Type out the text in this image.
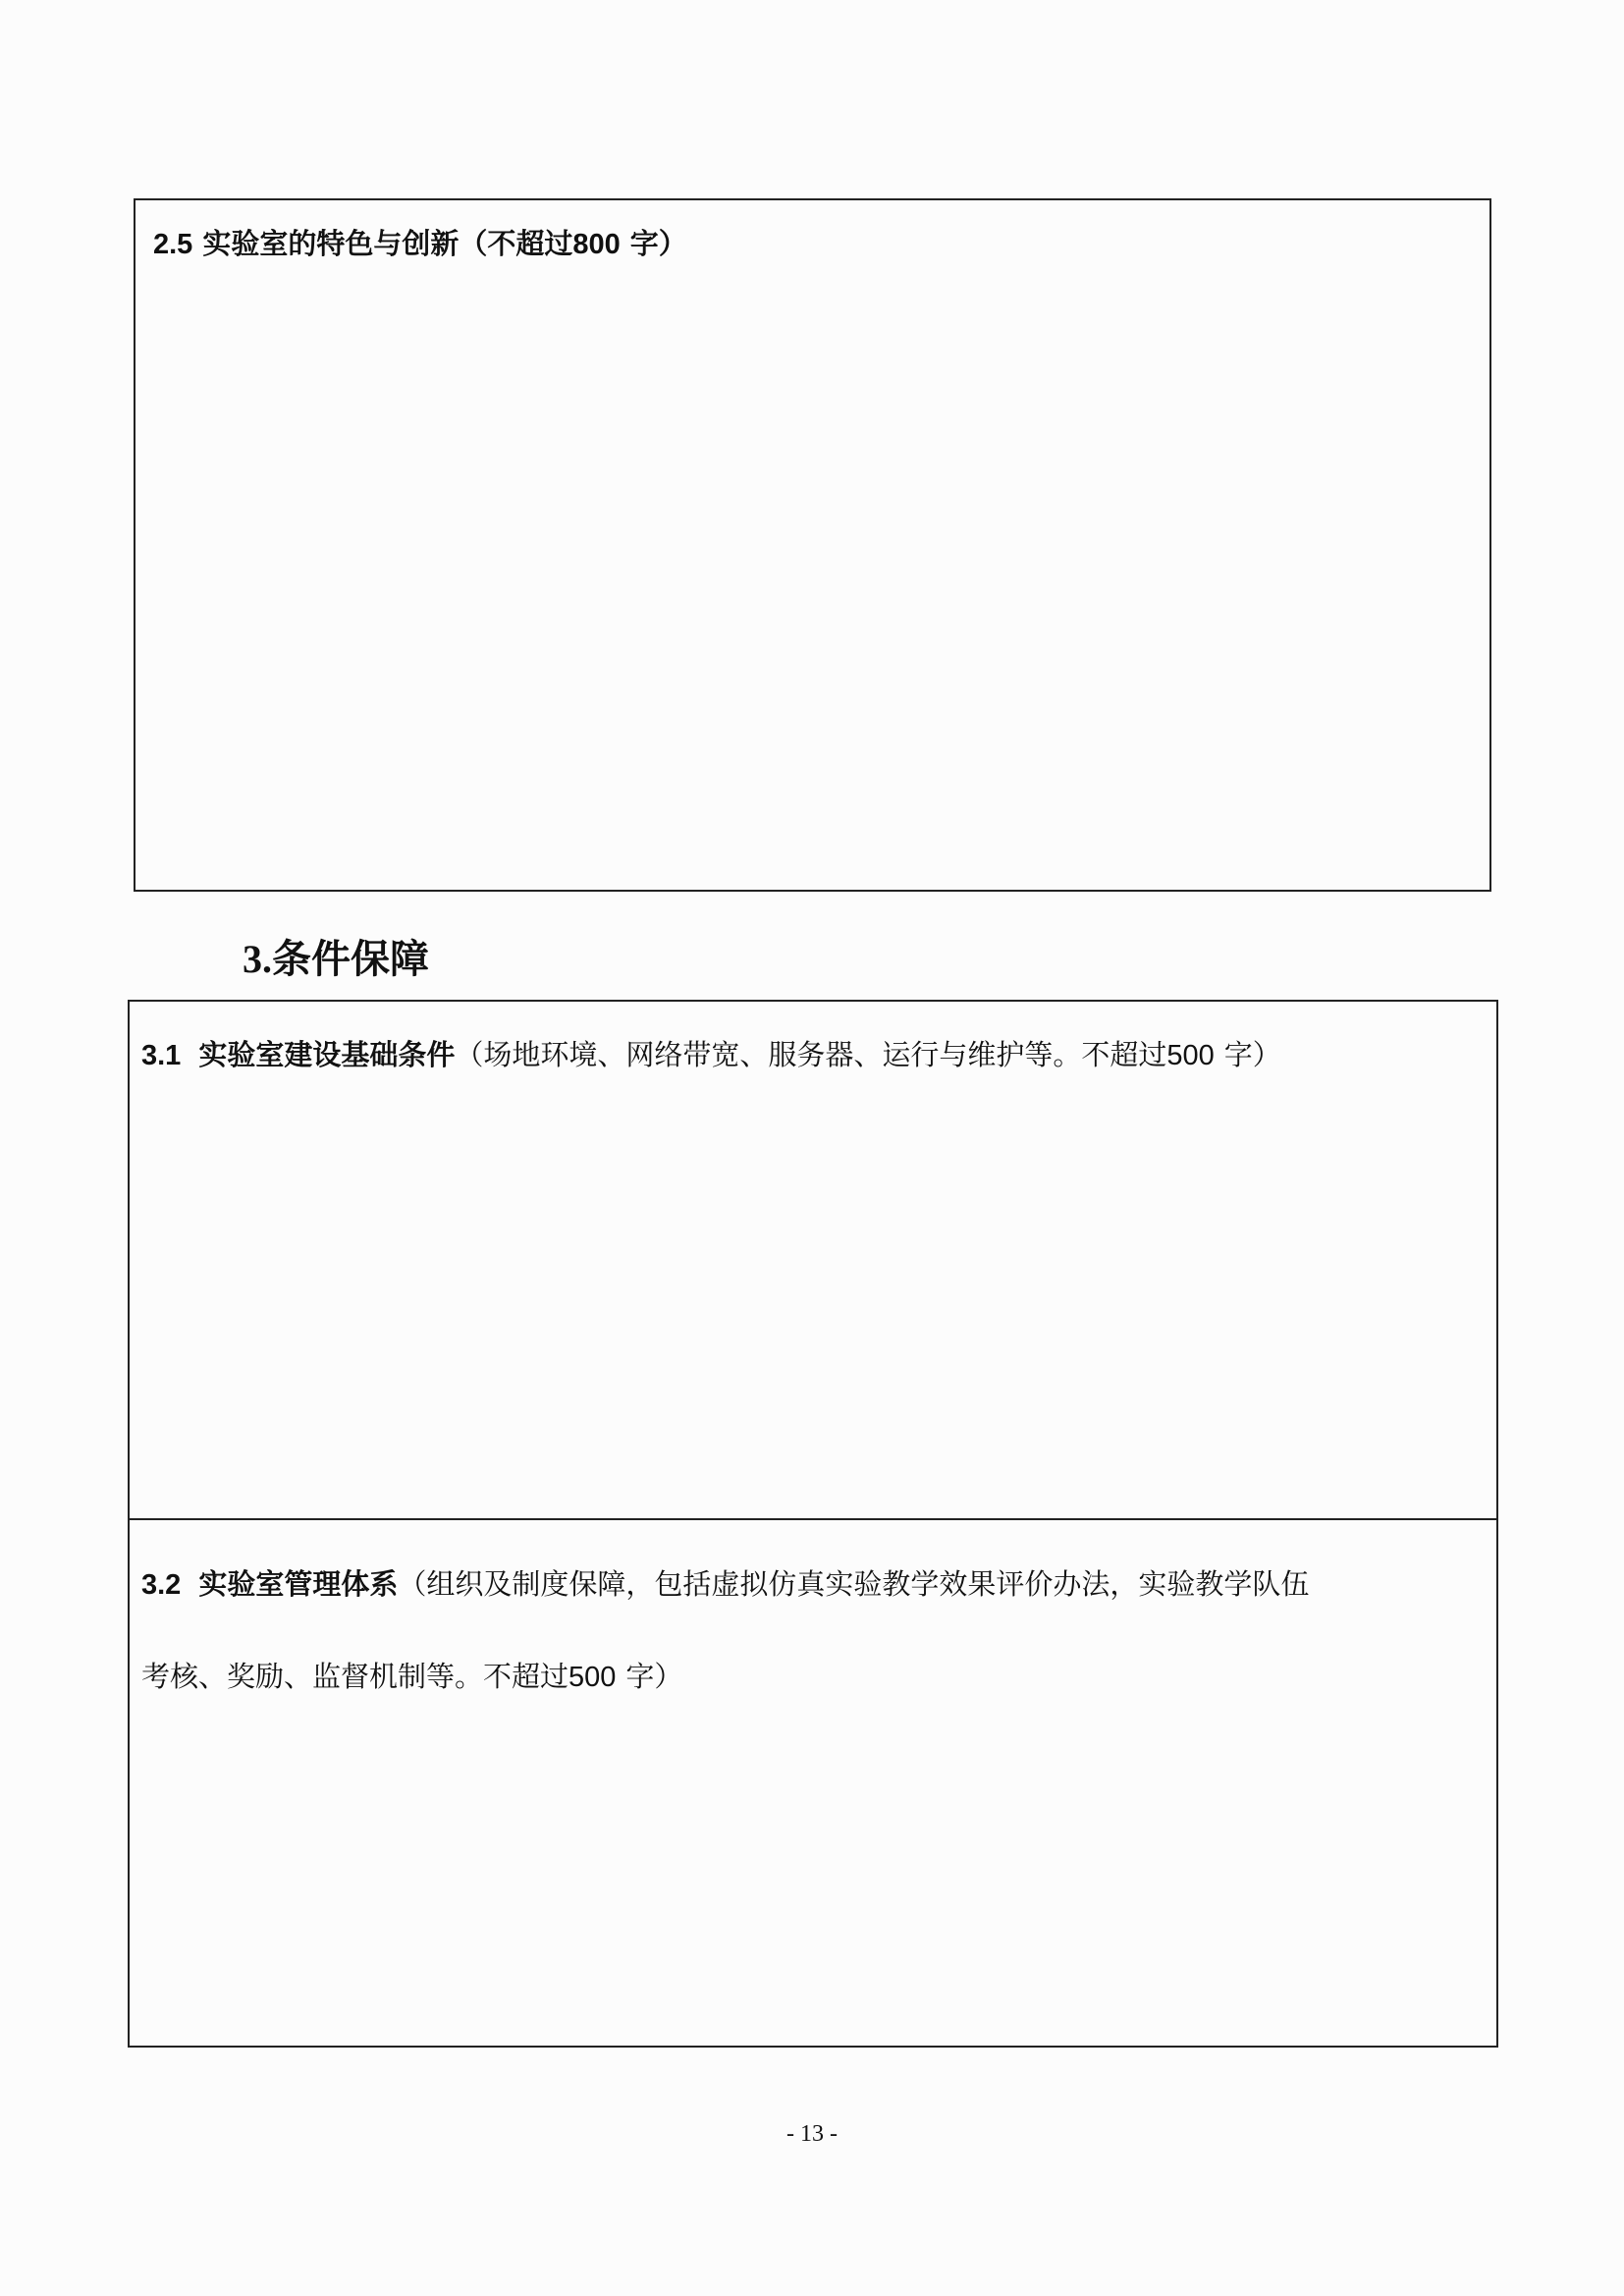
2.5 实验室的特色与创新（不超过800 字）
3.条件保障
3.1 实验室建设基础条件（场地环境、网络带宽、服务器、运行与维护等。不超过500 字）
3.2 实验室管理体系（组织及制度保障，包括虚拟仿真实验教学效果评价办法，实验教学队伍
考核、奖励、监督机制等。不超过500 字）
- 13 -
